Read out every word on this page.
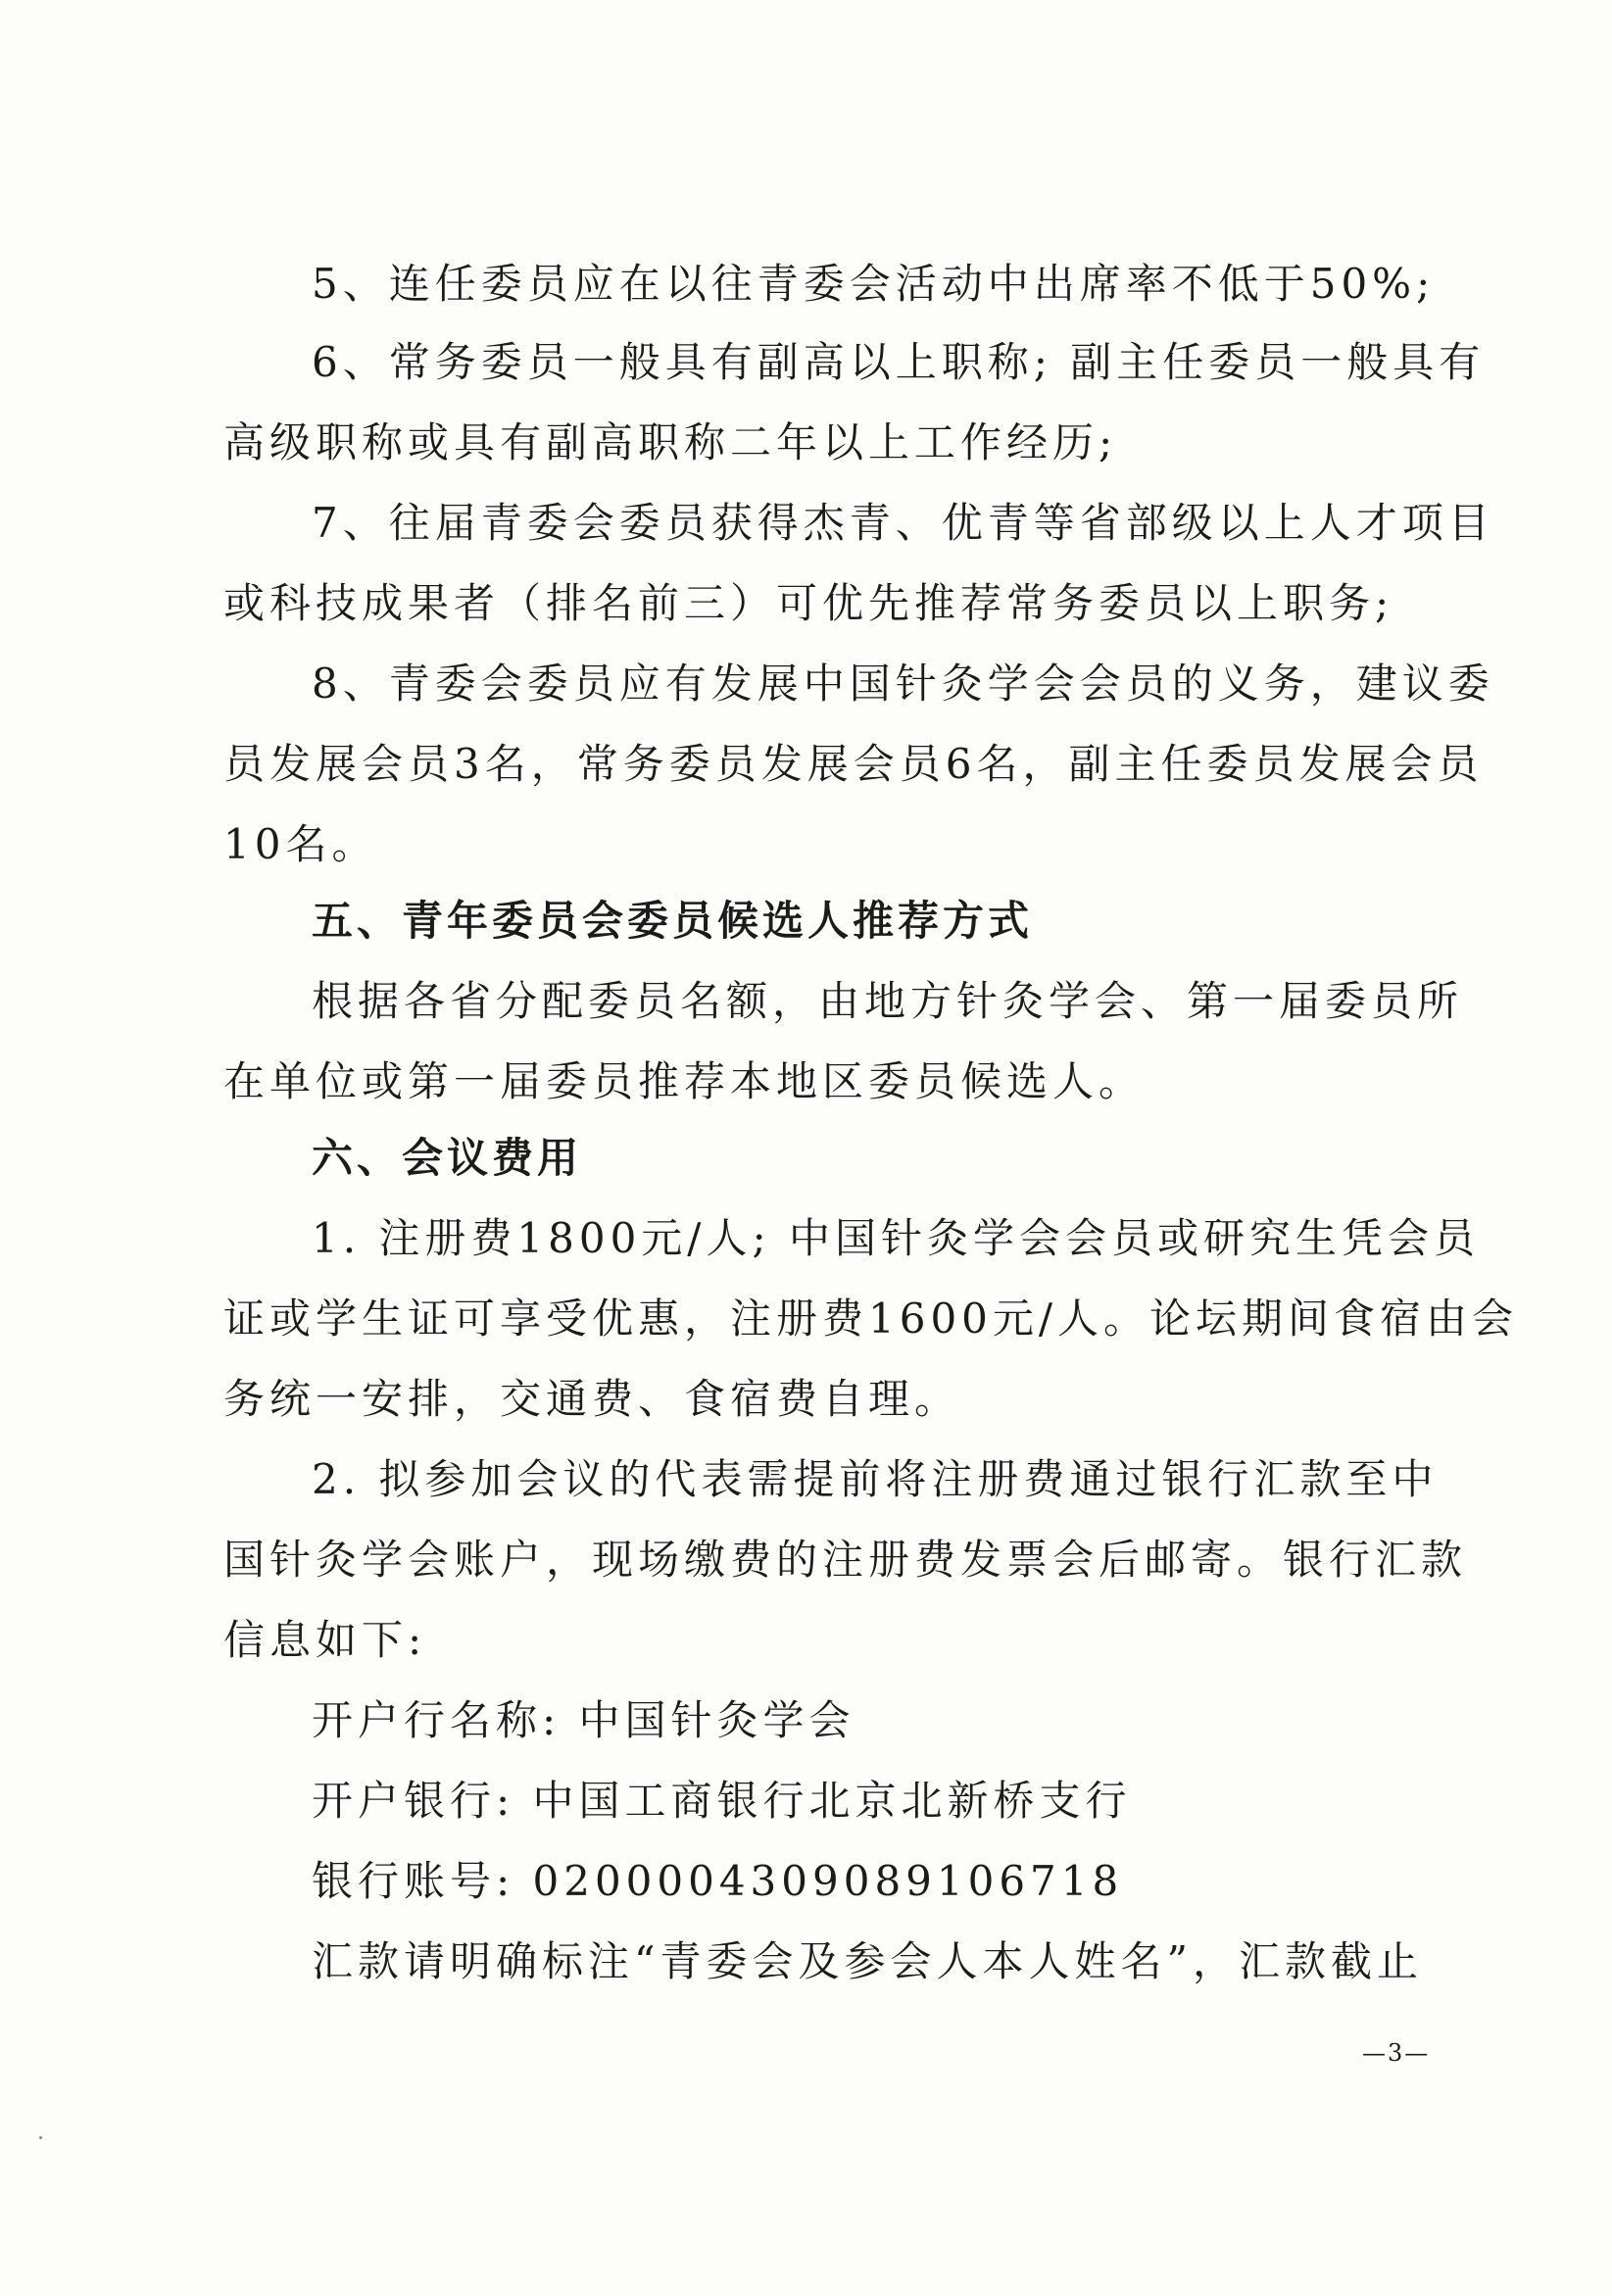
5、连任委员应在以往青委会活动中出席率不低于50%;
6、常务委员一般具有副高以上职称; 副主任委员一般具有
高级职称或具有副高职称二年以上工作经历;
7、往届青委会委员获得杰青、优青等省部级以上人才项目
或科技成果者（排名前三）可优先推荐常务委员以上职务;
8、青委会委员应有发展中国针灸学会会员的义务，建议委
员发展会员3名，常务委员发展会员6名，副主任委员发展会员
10名。
五、青年委员会委员候选人推荐方式
根据各省分配委员名额，由地方针灸学会、第一届委员所
在单位或第一届委员推荐本地区委员候选人。
六、会议费用
1. 注册费1800元/人; 中国针灸学会会员或研究生凭会员
证或学生证可享受优惠，注册费1600元/人。论坛期间食宿由会
务统一安排，交通费、食宿费自理。
2. 拟参加会议的代表需提前将注册费通过银行汇款至中
国针灸学会账户，现场缴费的注册费发票会后邮寄。银行汇款
信息如下:
开户行名称: 中国针灸学会
开户银行: 中国工商银行北京北新桥支行
银行账号: 0200004309089106718
汇款请明确标注“青委会及参会人本人姓名”，汇款截止
—3—
